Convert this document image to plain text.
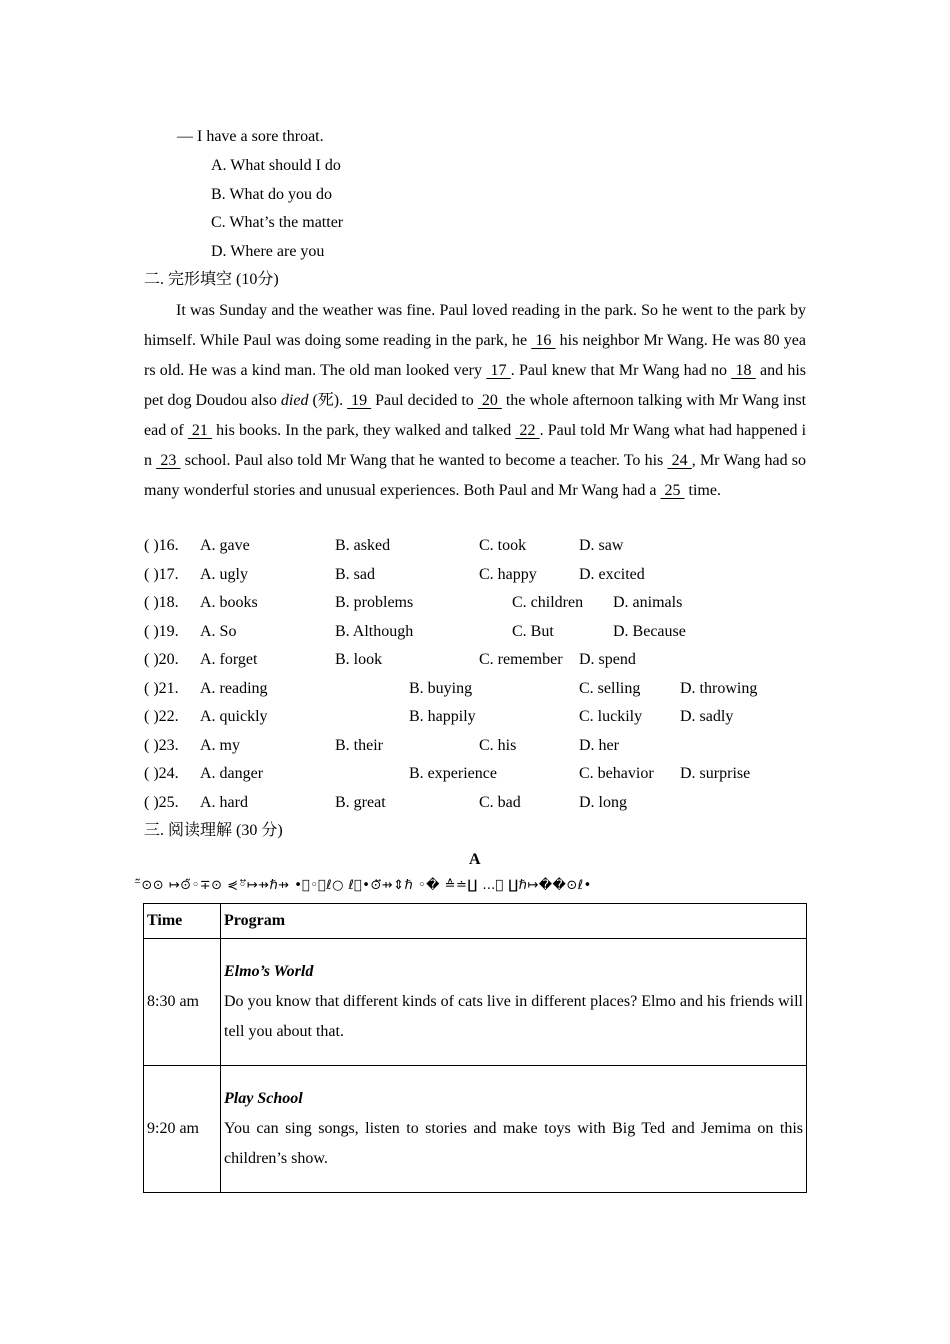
— I have a sore throat.
A. What should I do
B. What do you do
C. What’s the matter
D. Where are you
二. 完形填空 (10分)
It was Sunday and the weather was fine. Paul loved reading in the park. So he went to the park by himself. While Paul was doing some reading in the park, he  16  his neighbor Mr Wang. He was 80 years old. He was a kind man. The old man looked very  17 . Paul knew that Mr Wang had no  18  and his pet dog Doudou also died (死).  19  Paul decided to  20  the whole afternoon talking with Mr Wang instead of  21  his books. In the park, they walked and talked  22 . Paul told Mr Wang what had happened in  23  school. Paul also told Mr Wang that he wanted to become a teacher. To his  24 , Mr Wang had so many wonderful stories and unusual experiences. Both Paul and Mr Wang had a  25  time.
( )16. A. gave	B. asked	C. took	D. saw
( )17. A. ugly	B. sad	C. happy	D. excited
( )18. A. books	B. problems	C. children D. animals
( )19. A. So	B. Although	C. But	D. Because
( )20. A. forget	B. look	C. remember D. spend
( )21. A. reading	B. buying	C. selling D. throwing
( )22. A. quickly	B. happily	C. luckily D. sadly
( )23. A. my	B. their	C. his	D. her
( )24. A. danger	B. experience	C. behavior D. surprise
( )25. A. hard	B. great	C. bad	D. long
三. 阅读理解 (30 分)
A
⁻̃⊙⊙ ↦⊙̃◦∓⊙ ⋞◦⃡↦⇸ℏ⇸ •⃝◦⃝ℓ○ ℓ⃝•⊙⃡⇸⇕ℏ ◦� ≙≐∐ …⃝ ∐ℏ↦��⊙ℓ•
Time	Program
8:30 am	Elmo’s World
Do you know that different kinds of cats live in different places? Elmo and his friends will tell you about that.
9:20 am	Play School
You can sing songs, listen to stories and make toys with Big Ted and Jemima on this children’s show.
